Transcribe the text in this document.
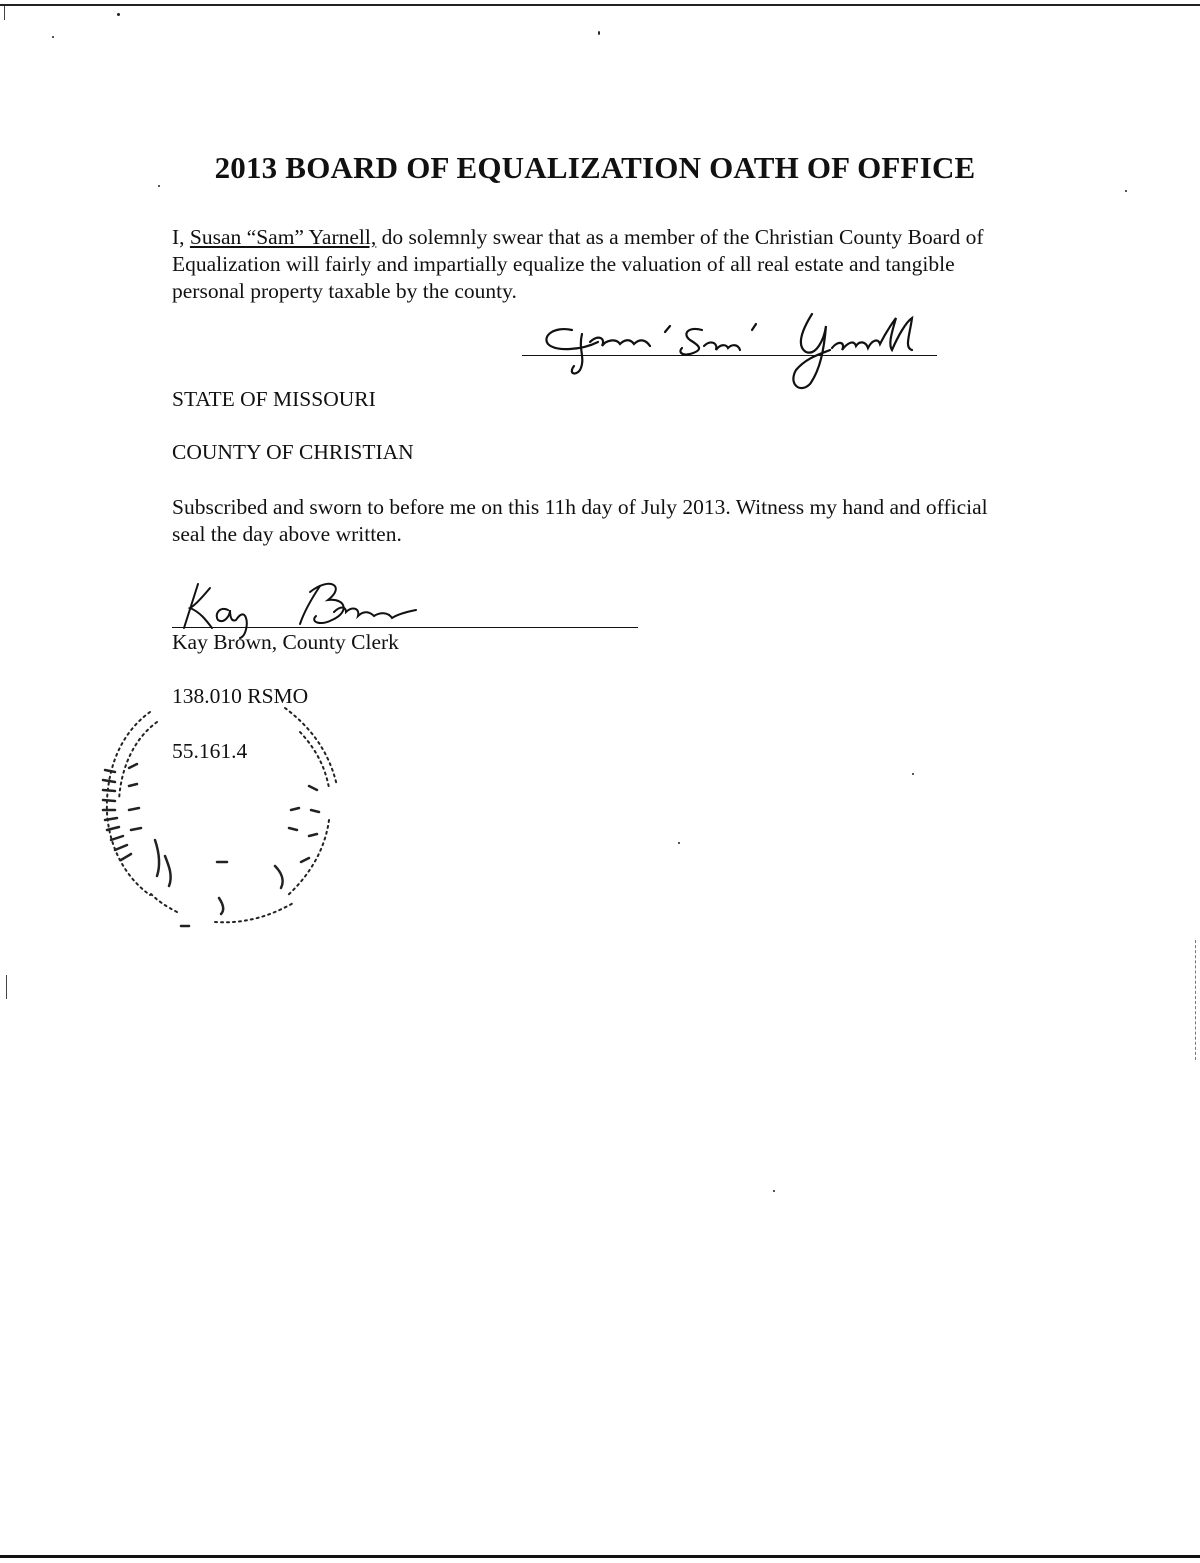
2013 BOARD OF EQUALIZATION OATH OF OFFICE
I, Susan “Sam” Yarnell, do solemnly swear that as a member of the Christian County Board of Equalization will fairly and impartially equalize the valuation of all real estate and tangible personal property taxable by the county.
STATE OF MISSOURI
COUNTY OF CHRISTIAN
Subscribed and sworn to before me on this 11h day of July 2013. Witness my hand and official seal the day above written.
Kay Brown, County Clerk
138.010 RSMO
55.161.4
